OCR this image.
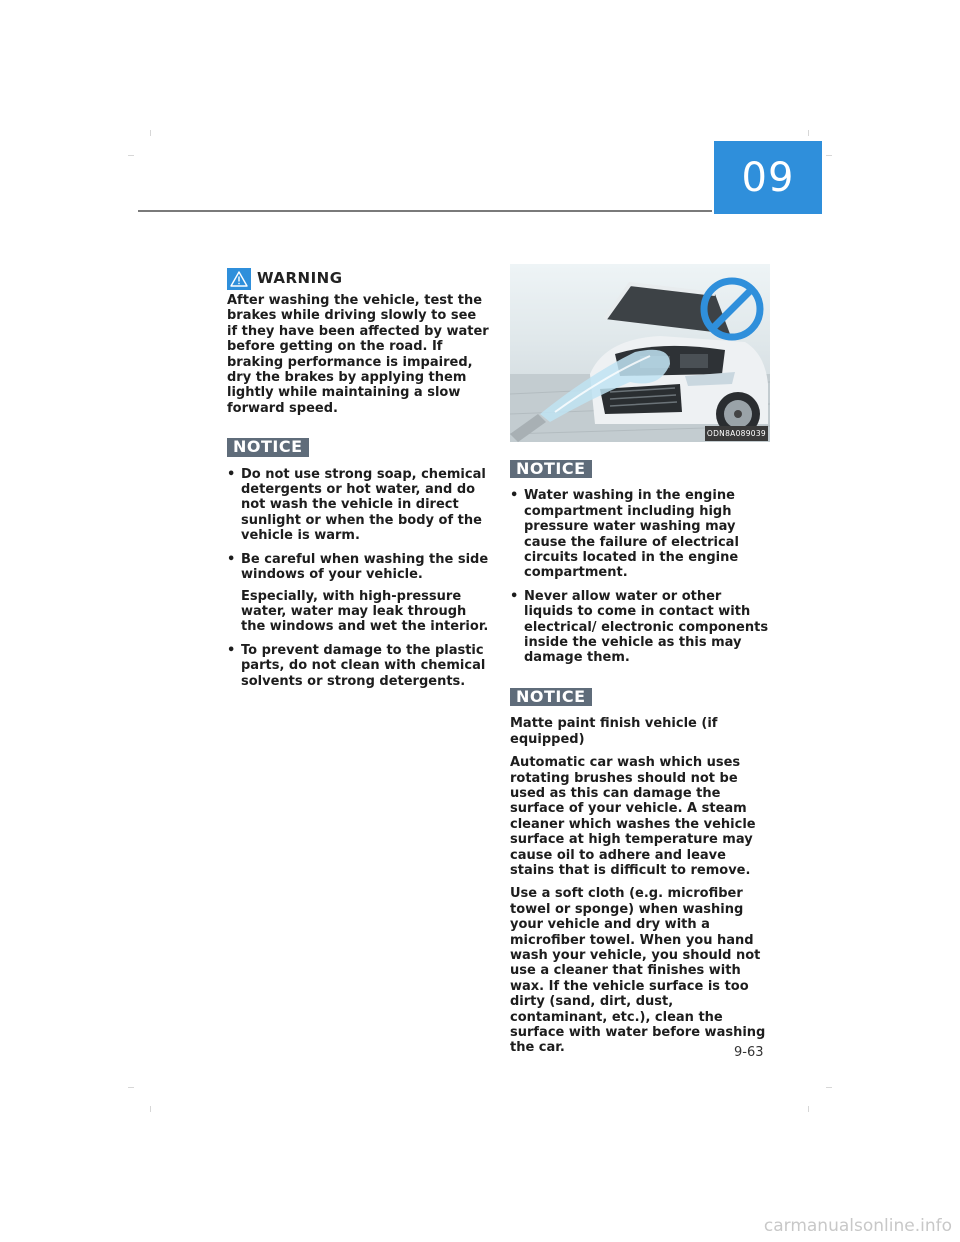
09
WARNING

After washing the vehicle, test the brakes while driving slowly to see if they have been affected by water before getting on the road. If braking performance is impaired, dry the brakes by applying them lightly while maintaining a slow forward speed.

NOTICE
• Do not use strong soap, chemical detergents or hot water, and do not wash the vehicle in direct sunlight or when the body of the vehicle is warm.
• Be careful when washing the side windows of your vehicle.
Especially, with high-pressure water, water may leak through the windows and wet the interior.
• To prevent damage to the plastic parts, do not clean with chemical solvents or strong detergents.
ODN8A089039
NOTICE
• Water washing in the engine compartment including high pressure water washing may cause the failure of electrical circuits located in the engine compartment.
• Never allow water or other liquids to come in contact with electrical/ electronic components inside the vehicle as this may damage them.
NOTICE

Matte paint finish vehicle (if equipped)

Automatic car wash which uses rotating brushes should not be used as this can damage the surface of your vehicle. A steam cleaner which washes the vehicle surface at high temperature may cause oil to adhere and leave stains that is difficult to remove.

Use a soft cloth (e.g. microfiber towel or sponge) when washing your vehicle and dry with a microfiber towel. When you hand wash your vehicle, you should not use a cleaner that finishes with wax. If the vehicle surface is too dirty (sand, dirt, dust, contaminant, etc.), clean the surface with water before washing the car.	9-63
carmanualsonline.info
